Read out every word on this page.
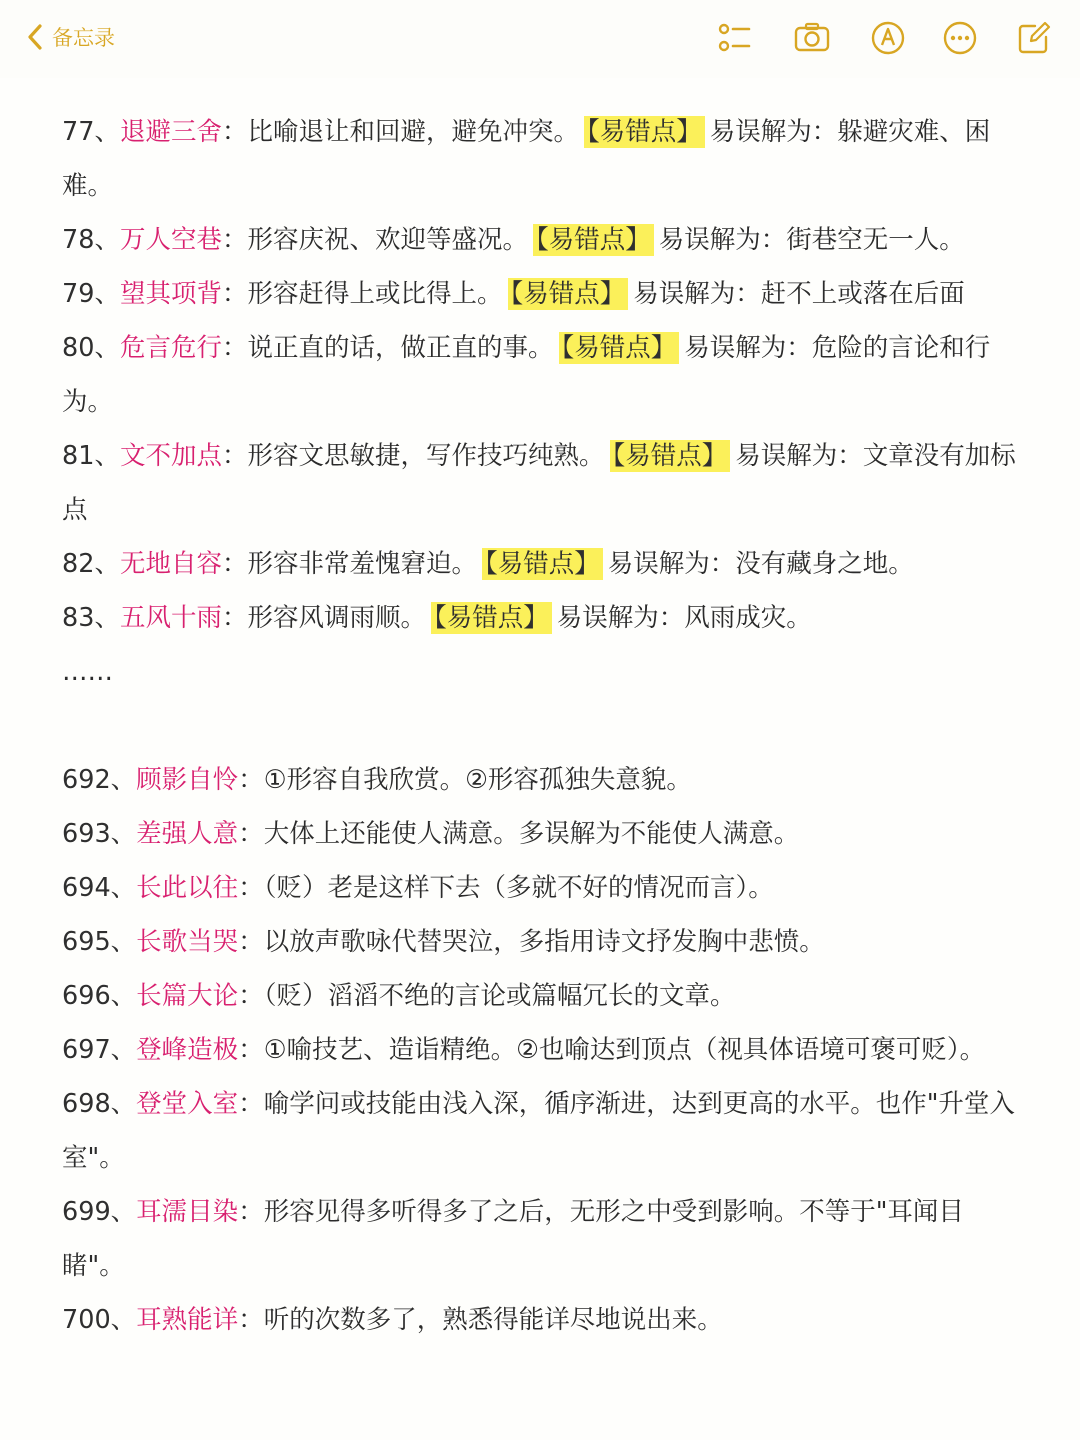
备忘录

77、退避三舍：比喻退让和回避，避免冲突。 【易错点】 易误解为：躲避灾难、困难。

78、万人空巷：形容庆祝、欢迎等盛况。 【易错点】 易误解为：街巷空无一人。

79、望其项背：形容赶得上或比得上。 【易错点】 易误解为：赶不上或落在后面

80、危言危行：说正直的话，做正直的事。 【易错点】 易误解为：危险的言论和行为。

81、文不加点：形容文思敏捷，写作技巧纯熟。 【易错点】 易误解为：文章没有加标点

82、无地自容：形容非常羞愧窘迫。 【易错点】 易误解为：没有藏身之地。

83、五风十雨：形容风调雨顺。 【易错点】 易误解为：风雨成灾。

……

692、顾影自怜：①形容自我欣赏。②形容孤独失意貌。

693、差强人意：大体上还能使人满意。多误解为不能使人满意。

694、长此以往：（贬）老是这样下去（多就不好的情况而言）。

695、长歌当哭：以放声歌咏代替哭泣，多指用诗文抒发胸中悲愤。

696、长篇大论：（贬）滔滔不绝的言论或篇幅冗长的文章。

697、登峰造极：①喻技艺、造诣精绝。②也喻达到顶点（视具体语境可褒可贬）。

698、登堂入室：喻学问或技能由浅入深，循序渐进，达到更高的水平。也作"升堂入室"。

699、耳濡目染：形容见得多听得多了之后，无形之中受到影响。不等于"耳闻目睹"。

700、耳熟能详：听的次数多了，熟悉得能详尽地说出来。
